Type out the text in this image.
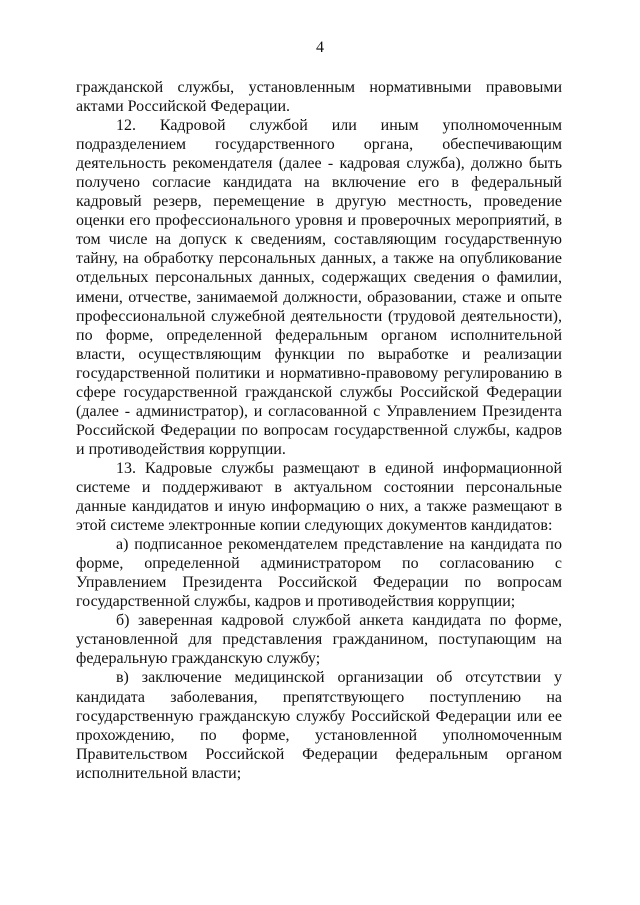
4

гражданской службы, установленным нормативными правовыми актами Российской Федерации.

12. Кадровой службой или иным уполномоченным подразделением государственного органа, обеспечивающим деятельность рекомендателя (далее - кадровая служба), должно быть получено согласие кандидата на включение его в федеральный кадровый резерв, перемещение в другую местность, проведение оценки его профессионального уровня и проверочных мероприятий, в том числе на допуск к сведениям, составляющим государственную тайну, на обработку персональных данных, а также на опубликование отдельных персональных данных, содержащих сведения о фамилии, имени, отчестве, занимаемой должности, образовании, стаже и опыте профессиональной служебной деятельности (трудовой деятельности), по форме, определенной федеральным органом исполнительной власти, осуществляющим функции по выработке и реализации государственной политики и нормативно-правовому регулированию в сфере государственной гражданской службы Российской Федерации (далее - администратор), и согласованной с Управлением Президента Российской Федерации по вопросам государственной службы, кадров и противодействия коррупции.

13. Кадровые службы размещают в единой информационной системе и поддерживают в актуальном состоянии персональные данные кандидатов и иную информацию о них, а также размещают в этой системе электронные копии следующих документов кандидатов:

а) подписанное рекомендателем представление на кандидата по форме, определенной администратором по согласованию с Управлением Президента Российской Федерации по вопросам государственной службы, кадров и противодействия коррупции;

б) заверенная кадровой службой анкета кандидата по форме, установленной для представления гражданином, поступающим на федеральную гражданскую службу;

в) заключение медицинской организации об отсутствии у кандидата заболевания, препятствующего поступлению на государственную гражданскую службу Российской Федерации или ее прохождению, по форме, установленной уполномоченным Правительством Российской Федерации федеральным органом исполнительной власти;
